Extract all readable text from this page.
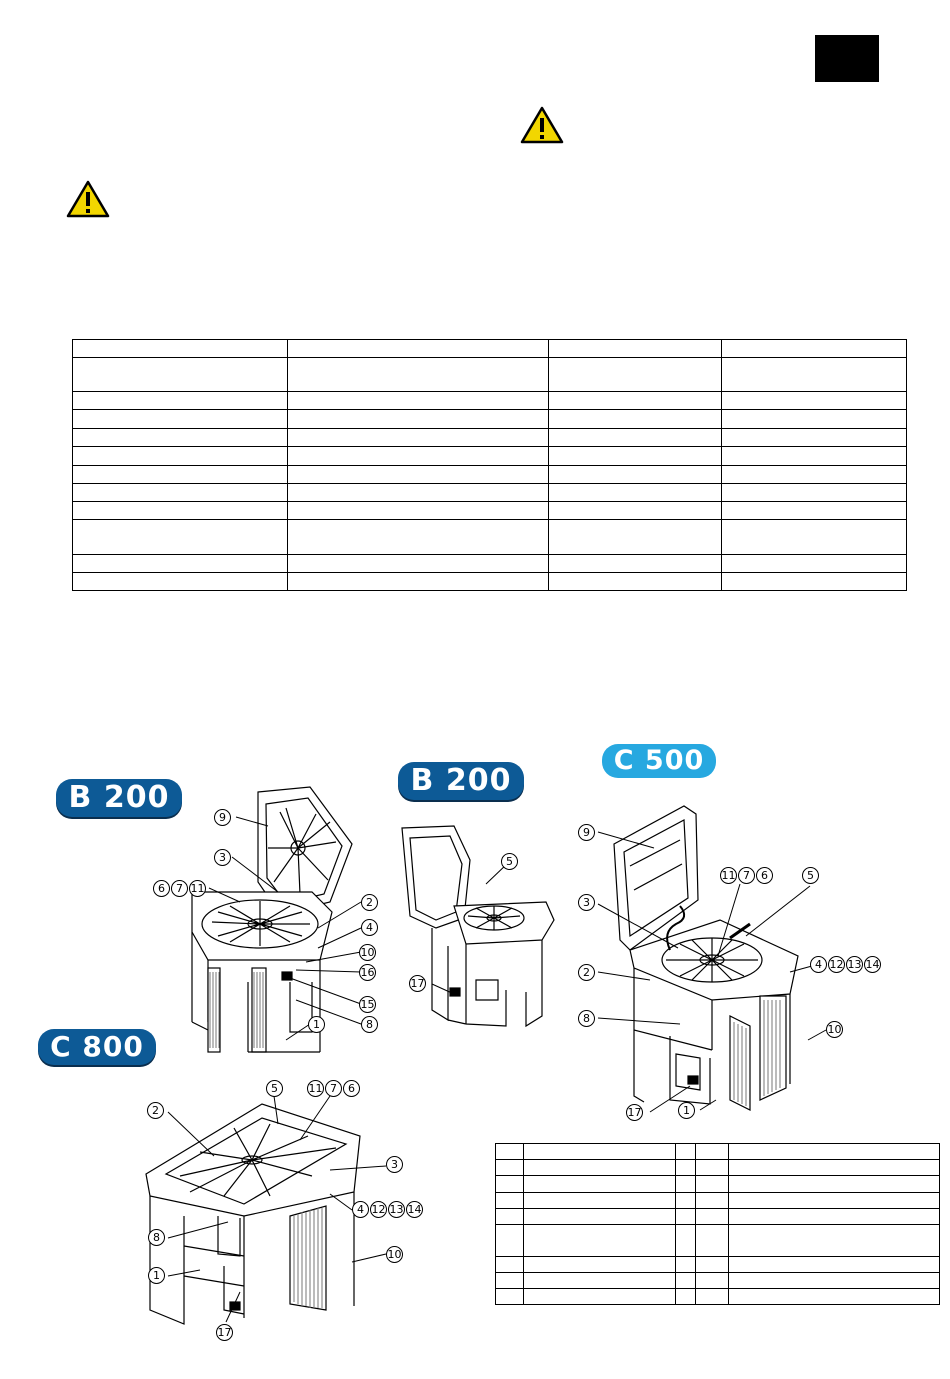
B 200	B 200
C 500
C 800
9
3
6 7 11
2
4
10
16
15
8
1
5
17
9
11 7 6	5
3
4 12 13 14
2
10
8
17	1
5	11 7 6
2
3
4 12 13 14
8
10
1
17
